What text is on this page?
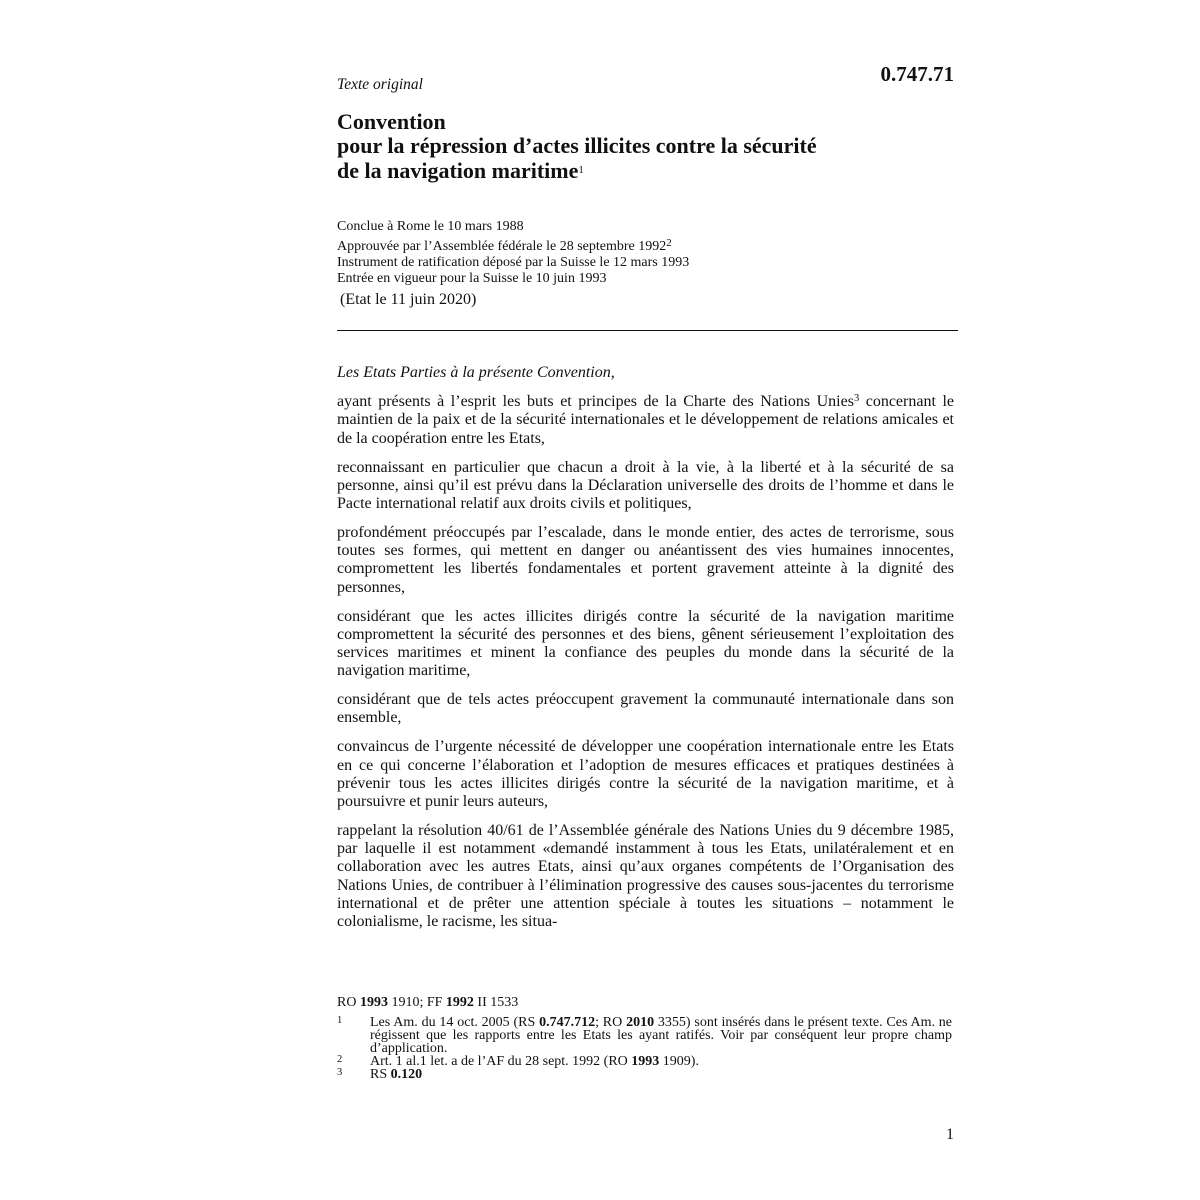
Texte original	0.747.71
Convention
pour la répression d’actes illicites contre la sécurité
de la navigation maritime$^1$
Conclue à Rome le 10 mars 1988
Approuvée par l’Assemblée fédérale le 28 septembre 1992$^2$
Instrument de ratification déposé par la Suisse le 12 mars 1993
Entrée en vigueur pour la Suisse le 10 juin 1993
(Etat le 11 juin 2020)

Les Etats Parties à la présente Convention,

ayant présents à l’esprit les buts et principes de la Charte des Nations Unies$^3$ concernant le maintien de la paix et de la sécurité internationales et le développement de relations amicales et de la coopération entre les Etats,

reconnaissant en particulier que chacun a droit à la vie, à la liberté et à la sécurité de sa personne, ainsi qu’il est prévu dans la Déclaration universelle des droits de l’homme et dans le Pacte international relatif aux droits civils et politiques,

profondément préoccupés par l’escalade, dans le monde entier, des actes de terrorisme, sous toutes ses formes, qui mettent en danger ou anéantissent des vies humaines innocentes, compromettent les libertés fondamentales et portent gravement atteinte à la dignité des personnes,

considérant que les actes illicites dirigés contre la sécurité de la navigation maritime compromettent la sécurité des personnes et des biens, gênent sérieusement l’exploitation des services maritimes et minent la confiance des peuples du monde dans la sécurité de la navigation maritime,

considérant que de tels actes préoccupent gravement la communauté internationale dans son ensemble,

convaincus de l’urgente nécessité de développer une coopération internationale entre les Etats en ce qui concerne l’élaboration et l’adoption de mesures efficaces et pratiques destinées à prévenir tous les actes illicites dirigés contre la sécurité de la navigation maritime, et à poursuivre et punir leurs auteurs,

rappelant la résolution 40/61 de l’Assemblée générale des Nations Unies du 9 décembre 1985, par laquelle il est notamment «demandé instamment à tous les Etats, unilatéralement et en collaboration avec les autres Etats, ainsi qu’aux organes compétents de l’Organisation des Nations Unies, de contribuer à l’élimination progressive des causes sous-jacentes du terrorisme international et de prêter une attention spéciale à toutes les situations – notamment le colonialisme, le racisme, les situa-

RO 1993 1910; FF 1992 II 1533
1 Les Am. du 14 oct. 2005 (RS 0.747.712; RO 2010 3355) sont insérés dans le présent texte. Ces Am. ne régissent que les rapports entre les Etats les ayant ratifés. Voir par conséquent leur propre champ d’application.
2 Art. 1 al.1 let. a de l’AF du 28 sept. 1992 (RO 1993 1909).
3 RS 0.120
1
